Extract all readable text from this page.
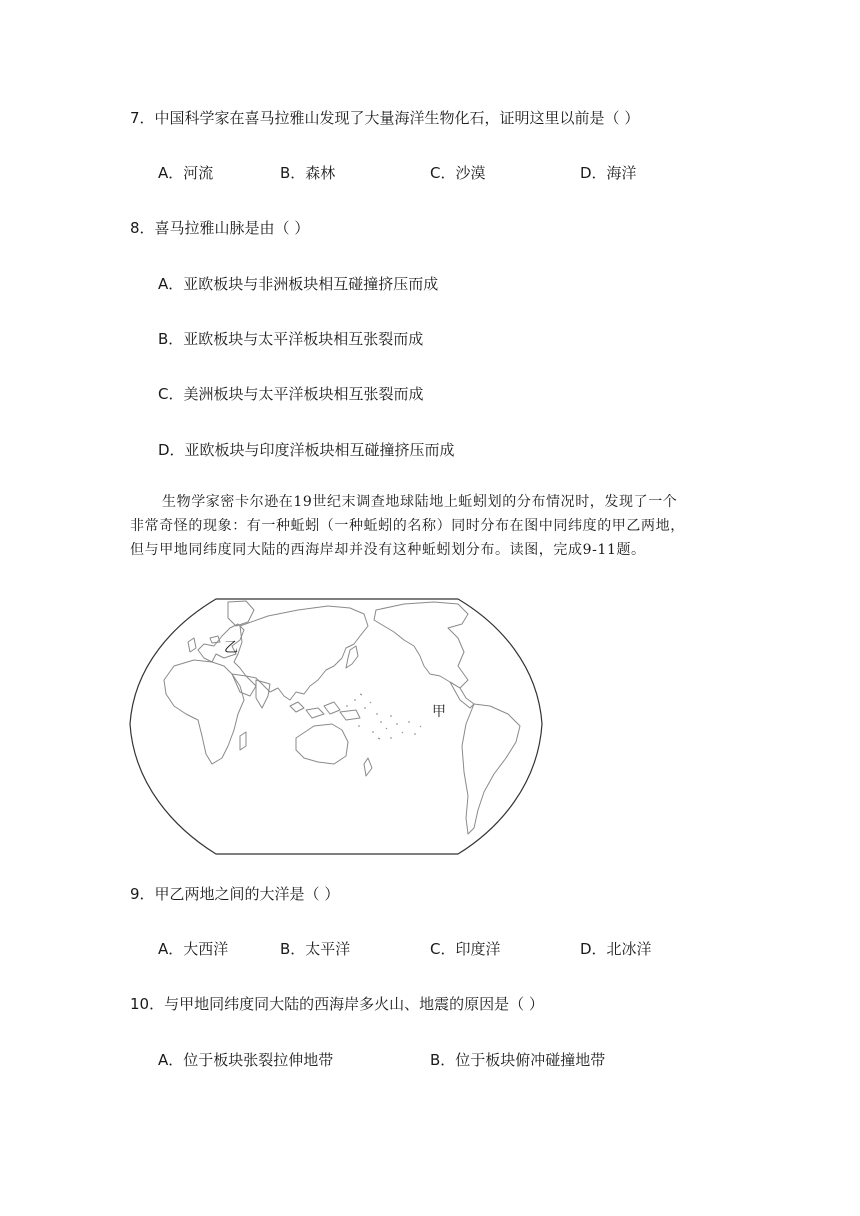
7．中国科学家在喜马拉雅山发现了大量海洋生物化石，证明这里以前是（ ）
A．河流	B．森林	C．沙漠	D．海洋
8．喜马拉雅山脉是由（ ）
A．亚欧板块与非洲板块相互碰撞挤压而成
B．亚欧板块与太平洋板块相互张裂而成
C．美洲板块与太平洋板块相互张裂而成
D．亚欧板块与印度洋板块相互碰撞挤压而成

生物学家密卡尔逊在19世纪末调查地球陆地上蚯蚓划的分布情况时，发现了一个

非常奇怪的现象：有一种蚯蚓（一种蚯蚓的名称）同时分布在图中同纬度的甲乙两地，

但与甲地同纬度同大陆的西海岸却并没有这种蚯蚓划分布。读图，完成9-11题。

乙
甲
9．甲乙两地之间的大洋是（ ）
A．大西洋	B．太平洋	C．印度洋	D．北冰洋
10．与甲地同纬度同大陆的西海岸多火山、地震的原因是（ ）
A．位于板块张裂拉伸地带	B．位于板块俯冲碰撞地带
